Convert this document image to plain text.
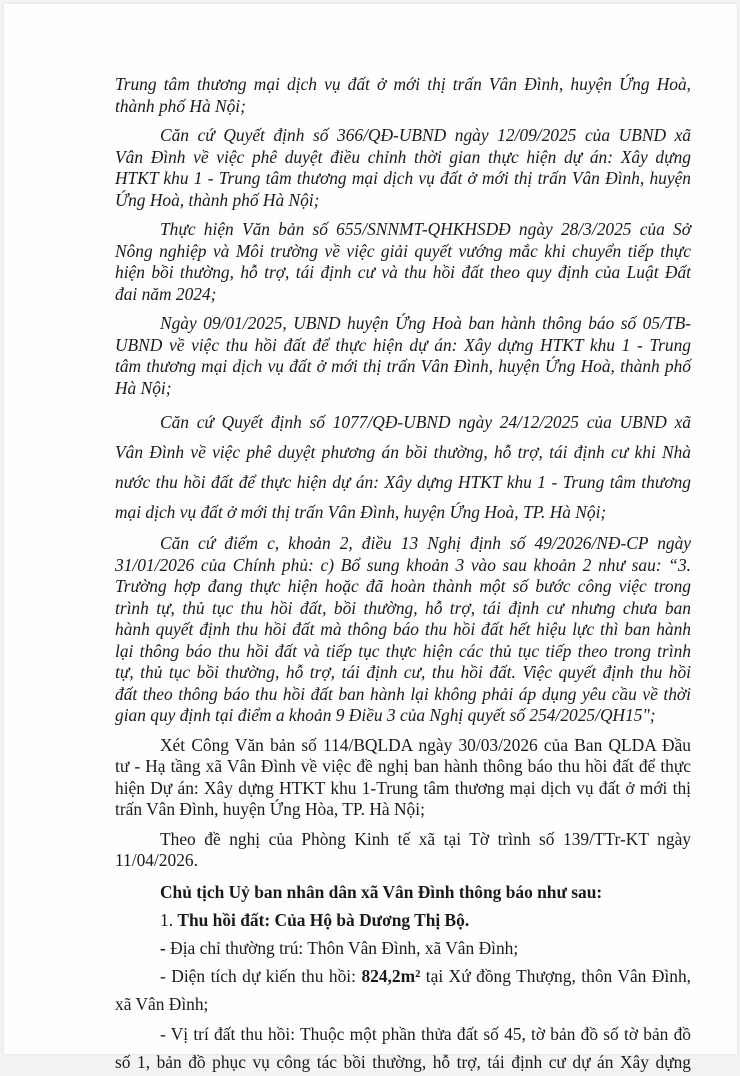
Trung tâm thương mại dịch vụ đất ở mới thị trấn Vân Đình, huyện Ứng Hoà,
thành phố Hà Nội;
Căn cứ Quyết định số 366/QĐ-UBND ngày 12/09/2025 của UBND xã
Vân Đình về việc phê duyệt điều chỉnh thời gian thực hiện dự án: Xây dựng
HTKT khu 1 - Trung tâm thương mại dịch vụ đất ở mới thị trấn Vân Đình, huyện
Ứng Hoà, thành phố Hà Nội;
Thực hiện Văn bản số 655/SNNMT-QHKHSDĐ ngày 28/3/2025 của Sở
Nông nghiệp và Môi trường về việc giải quyết vướng mắc khi chuyển tiếp thực
hiện bồi thường, hỗ trợ, tái định cư và thu hồi đất theo quy định của Luật Đất
đai năm 2024;
Ngày 09/01/2025, UBND huyện Ứng Hoà ban hành thông báo số 05/TB-
UBND về việc thu hồi đất để thực hiện dự án: Xây dựng HTKT khu 1 - Trung
tâm thương mại dịch vụ đất ở mới thị trấn Vân Đình, huyện Ứng Hoà, thành phố
Hà Nội;
Căn cứ Quyết định số 1077/QĐ-UBND ngày 24/12/2025 của UBND xã
Vân Đình về việc phê duyệt phương án bồi thường, hỗ trợ, tái định cư khi Nhà
nước thu hồi đất để thực hiện dự án: Xây dựng HTKT khu 1 - Trung tâm thương
mại dịch vụ đất ở mới thị trấn Vân Đình, huyện Ứng Hoà, TP. Hà Nội;
Căn cứ điểm c, khoản 2, điều 13 Nghị định số 49/2026/NĐ-CP ngày
31/01/2026 của Chính phủ: c) Bổ sung khoản 3 vào sau khoản 2 như sau: “3.
Trường hợp đang thực hiện hoặc đã hoàn thành một số bước công việc trong
trình tự, thủ tục thu hồi đất, bồi thường, hỗ trợ, tái định cư nhưng chưa ban
hành quyết định thu hồi đất mà thông báo thu hồi đất hết hiệu lực thì ban hành
lại thông báo thu hồi đất và tiếp tục thực hiện các thủ tục tiếp theo trong trình
tự, thủ tục bồi thường, hỗ trợ, tái định cư, thu hồi đất. Việc quyết định thu hồi
đất theo thông báo thu hồi đất ban hành lại không phải áp dụng yêu cầu về thời
gian quy định tại điểm a khoản 9 Điều 3 của Nghị quyết số 254/2025/QH15";
Xét Công Văn bản số 114/BQLDA ngày 30/03/2026 của Ban QLDA Đầu
tư - Hạ tầng xã Vân Đình về việc đề nghị ban hành thông báo thu hồi đất để thực
hiện Dự án: Xây dựng HTKT khu 1-Trung tâm thương mại dịch vụ đất ở mới thị
trấn Vân Đình, huyện Ứng Hòa, TP. Hà Nội;
Theo đề nghị của Phòng Kinh tế xã tại Tờ trình số 139/TTr-KT ngày
11/04/2026.
Chủ tịch Uỷ ban nhân dân xã Vân Đình thông báo như sau:
1. Thu hồi đất: Của Hộ bà Dương Thị Bộ.
- Địa chỉ thường trú: Thôn Vân Đình, xã Vân Đình;
- Diện tích dự kiến thu hồi: 824,2m² tại Xứ đồng Thượng, thôn Vân Đình,
xã Vân Đình;
- Vị trí đất thu hồi: Thuộc một phần thửa đất số 45, tờ bản đồ số tờ bản đồ
số 1, bản đồ phục vụ công tác bồi thường, hỗ trợ, tái định cư dự án Xây dựng
